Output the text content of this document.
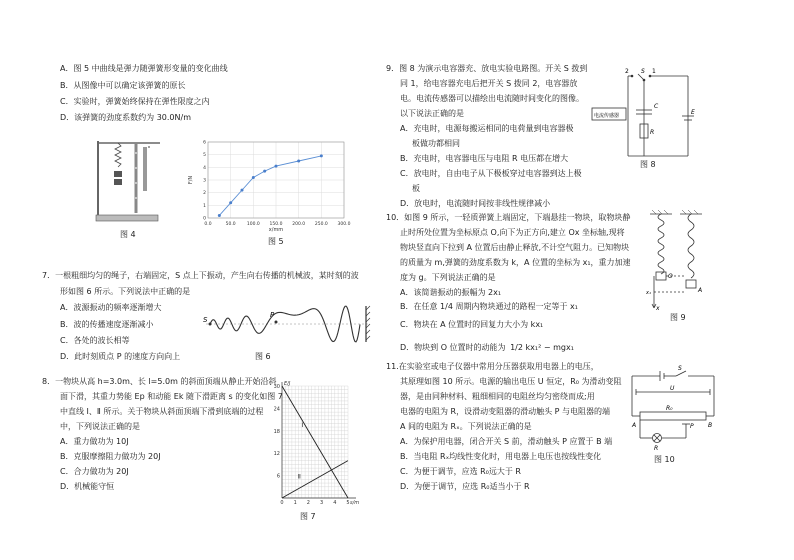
A．图 5 中曲线是弹力随弹簧形变量的变化曲线
B．从图像中可以确定该弹簧的原长
C．实验时，弹簧始终保持在弹性限度之内
D．该弹簧的劲度系数约为 30.0N/m
图 4
0.0	50.0 100.0 150.0 200.0 250.0 300.0
0
1
2
3
4
5
6
x/mm
F/N
图 5
7．一根粗细均匀的绳子，右端固定，S 点上下振动，产生向右传播的机械波，某时刻的波
形如图 6 所示。下列说法中正确的是
A．波源振动的频率逐渐增大
B．波的传播速度逐渐减小
C．各处的波长相等
D．此时刻质点 P 的速度方向向上
S
P
图 6
8．一物块从高 h=3.0m、长 l=5.0m 的斜面顶端从静止开始沿斜
面下滑，其重力势能 Ep 和动能 Ek 随下滑距离 s 的变化如图 7
中直线 Ⅰ、Ⅱ 所示。关于物块从斜面顶端下滑到底端的过程
中，下列说法正确的是
A．重力做功为 10J
B．克服摩擦阻力做功为 20J
C．合力做功为 20J
D．机械能守恒
6
12
18
24
30
0 1 2 3 4 5
E/J
s/m
Ⅰ
Ⅱ
图 7
9．图 8 为演示电容器充、放电实验电路图。开关 S 拨到
同 1，给电容器充电后把开关 S 拨同 2，电容器放
电。电流传感器可以描绘出电流随时间变化的图像。
以下说法正确的是
A．充电时，电源每搬运相同的电荷量到电容器极
板做功都相同
B．充电时，电容器电压与电阻 R 电压都在增大
C．放电时，自由电子从下极板穿过电容器到达上极
板
D．放电时，电流随时间按非线性规律减小
电流传感器
2 S 1
C
E
R
图 8
10．如图 9 所示，一轻质弹簧上端固定，下端悬挂一物块，取物块静
止时所处位置为坐标原点 O,向下为正方向,建立 Ox 坐标轴,现将
物块竖直向下拉到 A 位置后由静止释放,不计空气阻力。已知物块
的质量为 m,弹簧的劲度系数为 k，A 位置的坐标为 x₁，重力加速
度为 g。下列说法正确的是
A．该简谐振动的振幅为 2x₁
B．在任意 1/4 周期内物块通过的路程一定等于 x₁
C．物块在 A 位置时的回复力大小为 kx₁
D．物块到 O 位置时的动能为 1/2 kx₁² − mgx₁
O
A
x₁
x
图 9
11.在实验室或电子仪器中常用分压器获取用电器上的电压，
其原理如图 10 所示。电源的输出电压 U 恒定，R₀ 为滑动变阻
器，是由同种材料、粗细相同的电阻丝均匀密绕而成;用
电器的电阻为 R，设滑动变阻器的滑动触头 P 与电阻器的端
A 间的电阻为 Rₓ。下列说法正确的是
A．为保护用电器，闭合开关 S 前，滑动触头 P 应置于 B 端
B．当电阻 Rₓ均线性变化时，用电器上电压也按线性变化
C．为便于调节，应选 R₀远大于 R
D．为便于调节，应选 R₀适当小于 R
S
U
R₀
A	B
P
R
图 10
